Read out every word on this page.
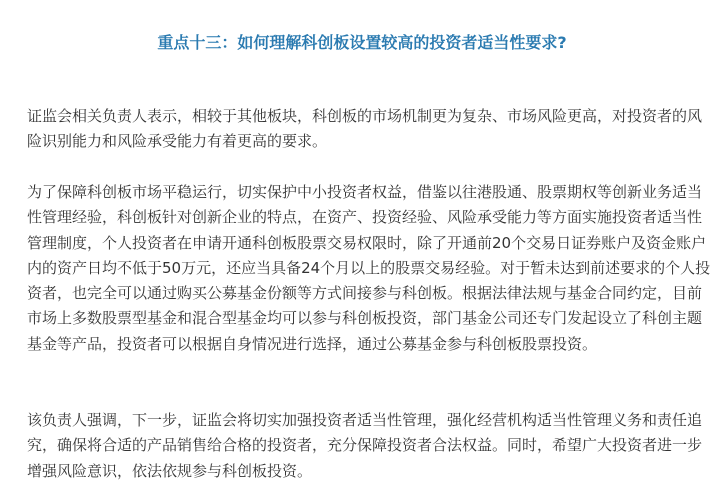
重点十三：如何理解科创板设置较高的投资者适当性要求?

证监会相关负责人表示，相较于其他板块，科创板的市场机制更为复杂、市场风险更高，对投资者的风险识别能力和风险承受能力有着更高的要求。

为了保障科创板市场平稳运行，切实保护中小投资者权益，借鉴以往港股通、股票期权等创新业务适当性管理经验，科创板针对创新企业的特点，在资产、投资经验、风险承受能力等方面实施投资者适当性管理制度，个人投资者在申请开通科创板股票交易权限时，除了开通前20个交易日证券账户及资金账户内的资产日均不低于50万元，还应当具备24个月以上的股票交易经验。对于暂未达到前述要求的个人投资者，也完全可以通过购买公募基金份额等方式间接参与科创板。根据法律法规与基金合同约定，目前市场上多数股票型基金和混合型基金均可以参与科创板投资，部门基金公司还专门发起设立了科创主题基金等产品，投资者可以根据自身情况进行选择，通过公募基金参与科创板股票投资。

该负责人强调，下一步，证监会将切实加强投资者适当性管理，强化经营机构适当性管理义务和责任追究，确保将合适的产品销售给合格的投资者，充分保障投资者合法权益。同时，希望广大投资者进一步增强风险意识，依法依规参与科创板投资。
